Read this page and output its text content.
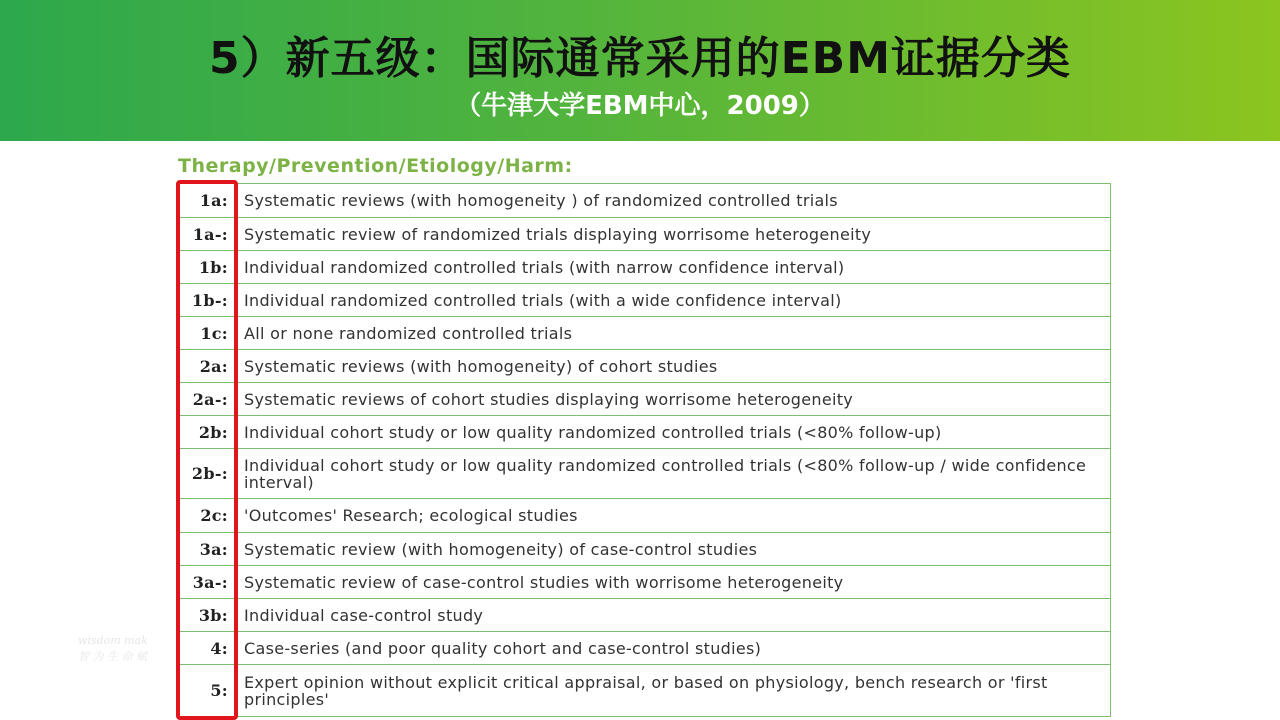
5）新五级：国际通常采用的EBM证据分类
（牛津大学EBM中心，2009）
Therapy/Prevention/Etiology/Harm:
wisdom mak
智 为 生 命 赋
1a:	Systematic reviews (with homogeneity ) of randomized controlled trials
1a-:	Systematic review of randomized trials displaying worrisome heterogeneity
1b:	Individual randomized controlled trials (with narrow confidence interval)
1b-:	Individual randomized controlled trials (with a wide confidence interval)
1c:	All or none randomized controlled trials
2a:	Systematic reviews (with homogeneity) of cohort studies
2a-:	Systematic reviews of cohort studies displaying worrisome heterogeneity
2b:	Individual cohort study or low quality randomized controlled trials (<80% follow-up)
2b-:	Individual cohort study or low quality randomized controlled trials (<80% follow-up / wide confidence interval)
2c:	'Outcomes' Research; ecological studies
3a:	Systematic review (with homogeneity) of case-control studies
3a-:	Systematic review of case-control studies with worrisome heterogeneity
3b:	Individual case-control study
4:	Case-series (and poor quality cohort and case-control studies)
5:	Expert opinion without explicit critical appraisal, or based on physiology, bench research or 'first principles'
